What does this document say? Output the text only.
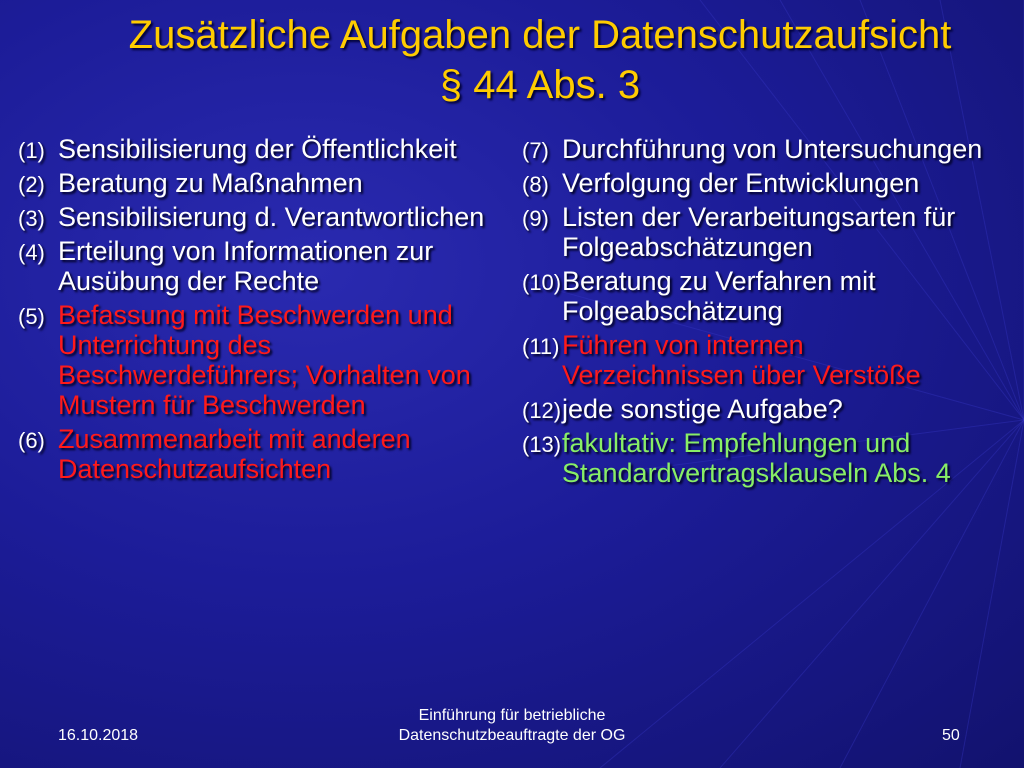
Zusätzliche Aufgaben der Datenschutzaufsicht
§ 44 Abs. 3
(1) Sensibilisierung der Öffentlichkeit
(2) Beratung zu Maßnahmen
(3) Sensibilisierung d. Verantwortlichen
(4) Erteilung von Informationen zur Ausübung der Rechte
(5) Befassung mit Beschwerden und Unterrichtung des Beschwerdeführers; Vorhalten von Mustern für Beschwerden
(6) Zusammenarbeit mit anderen Datenschutzaufsichten
(7) Durchführung von Untersuchungen
(8) Verfolgung der Entwicklungen
(9) Listen der Verarbeitungsarten für Folgeabschätzungen
(10) Beratung zu Verfahren mit Folgeabschätzung
(11) Führen von internen Verzeichnissen über Verstöße
(12) jede sonstige Aufgabe?
(13) fakultativ: Empfehlungen und Standardvertragsklauseln Abs. 4
16.10.2018
Einführung für betriebliche
Datenschutzbeauftragte der OG	50
